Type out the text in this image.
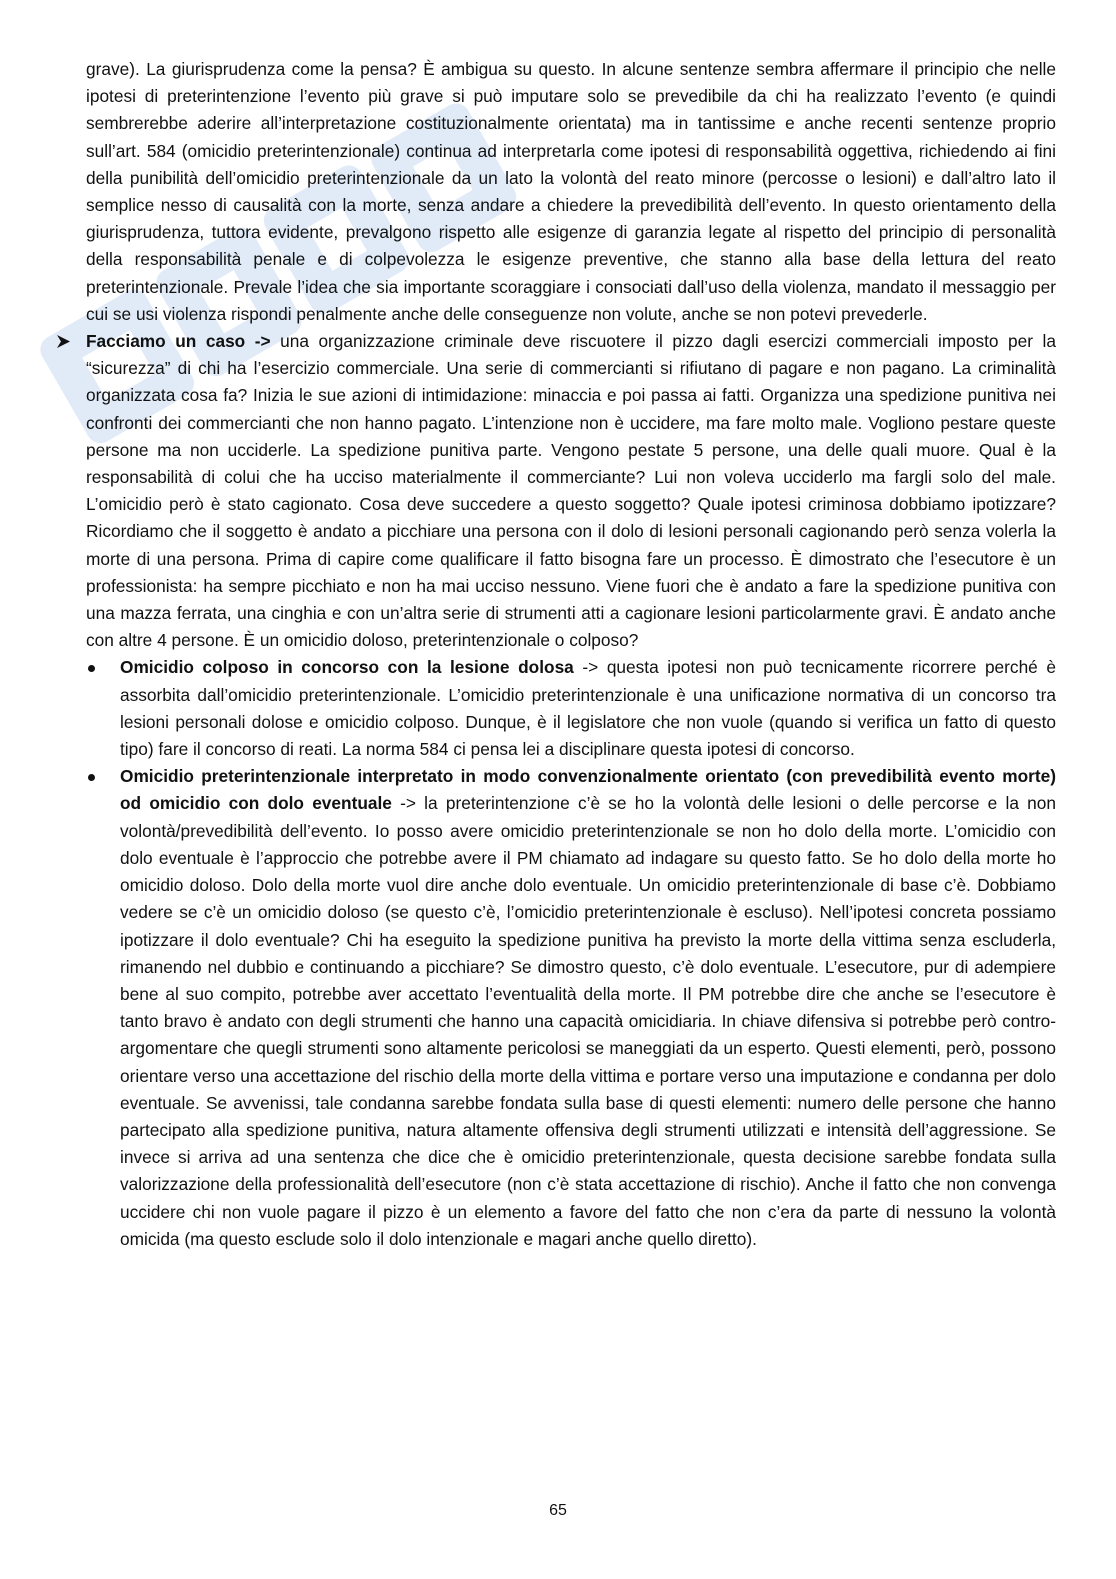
grave). La giurisprudenza come la pensa? È ambigua su questo. In alcune sentenze sembra affermare il principio che nelle ipotesi di preterintenzione l’evento più grave si può imputare solo se prevedibile da chi ha realizzato l’evento (e quindi sembrerebbe aderire all’interpretazione costituzionalmente orientata) ma in tantissime e anche recenti sentenze proprio sull’art. 584 (omicidio preterintenzionale) continua ad interpretarla come ipotesi di responsabilità oggettiva, richiedendo ai fini della punibilità dell’omicidio preterintenzionale da un lato la volontà del reato minore (percosse o lesioni) e dall’altro lato il semplice nesso di causalità con la morte, senza andare a chiedere la prevedibilità dell’evento. In questo orientamento della giurisprudenza, tuttora evidente, prevalgono rispetto alle esigenze di garanzia legate al rispetto del principio di personalità della responsabilità penale e di colpevolezza le esigenze preventive, che stanno alla base della lettura del reato preterintenzionale. Prevale l’idea che sia importante scoraggiare i consociati dall’uso della violenza, mandato il messaggio per cui se usi violenza rispondi penalmente anche delle conseguenze non volute, anche se non potevi prevederle.

Facciamo un caso -> una organizzazione criminale deve riscuotere il pizzo dagli esercizi commerciali imposto per la “sicurezza” di chi ha l’esercizio commerciale. Una serie di commercianti si rifiutano di pagare e non pagano. La criminalità organizzata cosa fa? Inizia le sue azioni di intimidazione: minaccia e poi passa ai fatti. Organizza una spedizione punitiva nei confronti dei commercianti che non hanno pagato. L’intenzione non è uccidere, ma fare molto male. Vogliono pestare queste persone ma non ucciderle. La spedizione punitiva parte. Vengono pestate 5 persone, una delle quali muore. Qual è la responsabilità di colui che ha ucciso materialmente il commerciante? Lui non voleva ucciderlo ma fargli solo del male. L’omicidio però è stato cagionato. Cosa deve succedere a questo soggetto? Quale ipotesi criminosa dobbiamo ipotizzare? Ricordiamo che il soggetto è andato a picchiare una persona con il dolo di lesioni personali cagionando però senza volerla la morte di una persona. Prima di capire come qualificare il fatto bisogna fare un processo. È dimostrato che l’esecutore è un professionista: ha sempre picchiato e non ha mai ucciso nessuno. Viene fuori che è andato a fare la spedizione punitiva con una mazza ferrata, una cinghia e con un’altra serie di strumenti atti a cagionare lesioni particolarmente gravi. È andato anche con altre 4 persone. È un omicidio doloso, preterintenzionale o colposo?

Omicidio colposo in concorso con la lesione dolosa -> questa ipotesi non può tecnicamente ricorrere perché è assorbita dall’omicidio preterintenzionale. L’omicidio preterintenzionale è una unificazione normativa di un concorso tra lesioni personali dolose e omicidio colposo. Dunque, è il legislatore che non vuole (quando si verifica un fatto di questo tipo) fare il concorso di reati. La norma 584 ci pensa lei a disciplinare questa ipotesi di concorso.
Omicidio preterintenzionale interpretato in modo convenzionalmente orientato (con prevedibilità evento morte) od omicidio con dolo eventuale -> la preterintenzione c’è se ho la volontà delle lesioni o delle percorse e la non volontà/prevedibilità dell’evento. Io posso avere omicidio preterintenzionale se non ho dolo della morte. L’omicidio con dolo eventuale è l’approccio che potrebbe avere il PM chiamato ad indagare su questo fatto. Se ho dolo della morte ho omicidio doloso. Dolo della morte vuol dire anche dolo eventuale. Un omicidio preterintenzionale di base c’è. Dobbiamo vedere se c’è un omicidio doloso (se questo c’è, l’omicidio preterintenzionale è escluso). Nell’ipotesi concreta possiamo ipotizzare il dolo eventuale? Chi ha eseguito la spedizione punitiva ha previsto la morte della vittima senza escluderla, rimanendo nel dubbio e continuando a picchiare? Se dimostro questo, c’è dolo eventuale. L’esecutore, pur di adempiere bene al suo compito, potrebbe aver accettato l’eventualità della morte. Il PM potrebbe dire che anche se l’esecutore è tanto bravo è andato con degli strumenti che hanno una capacità omicidiaria. In chiave difensiva si potrebbe però contro-argomentare che quegli strumenti sono altamente pericolosi se maneggiati da un esperto. Questi elementi, però, possono orientare verso una accettazione del rischio della morte della vittima e portare verso una imputazione e condanna per dolo eventuale. Se avvenissi, tale condanna sarebbe fondata sulla base di questi elementi: numero delle persone che hanno partecipato alla spedizione punitiva, natura altamente offensiva degli strumenti utilizzati e intensità dell’aggressione. Se invece si arriva ad una sentenza che dice che è omicidio preterintenzionale, questa decisione sarebbe fondata sulla valorizzazione della professionalità dell’esecutore (non c’è stata accettazione di rischio). Anche il fatto che non convenga uccidere chi non vuole pagare il pizzo è un elemento a favore del fatto che non c’era da parte di nessuno la volontà omicida (ma questo esclude solo il dolo intenzionale e magari anche quello diretto).
65
